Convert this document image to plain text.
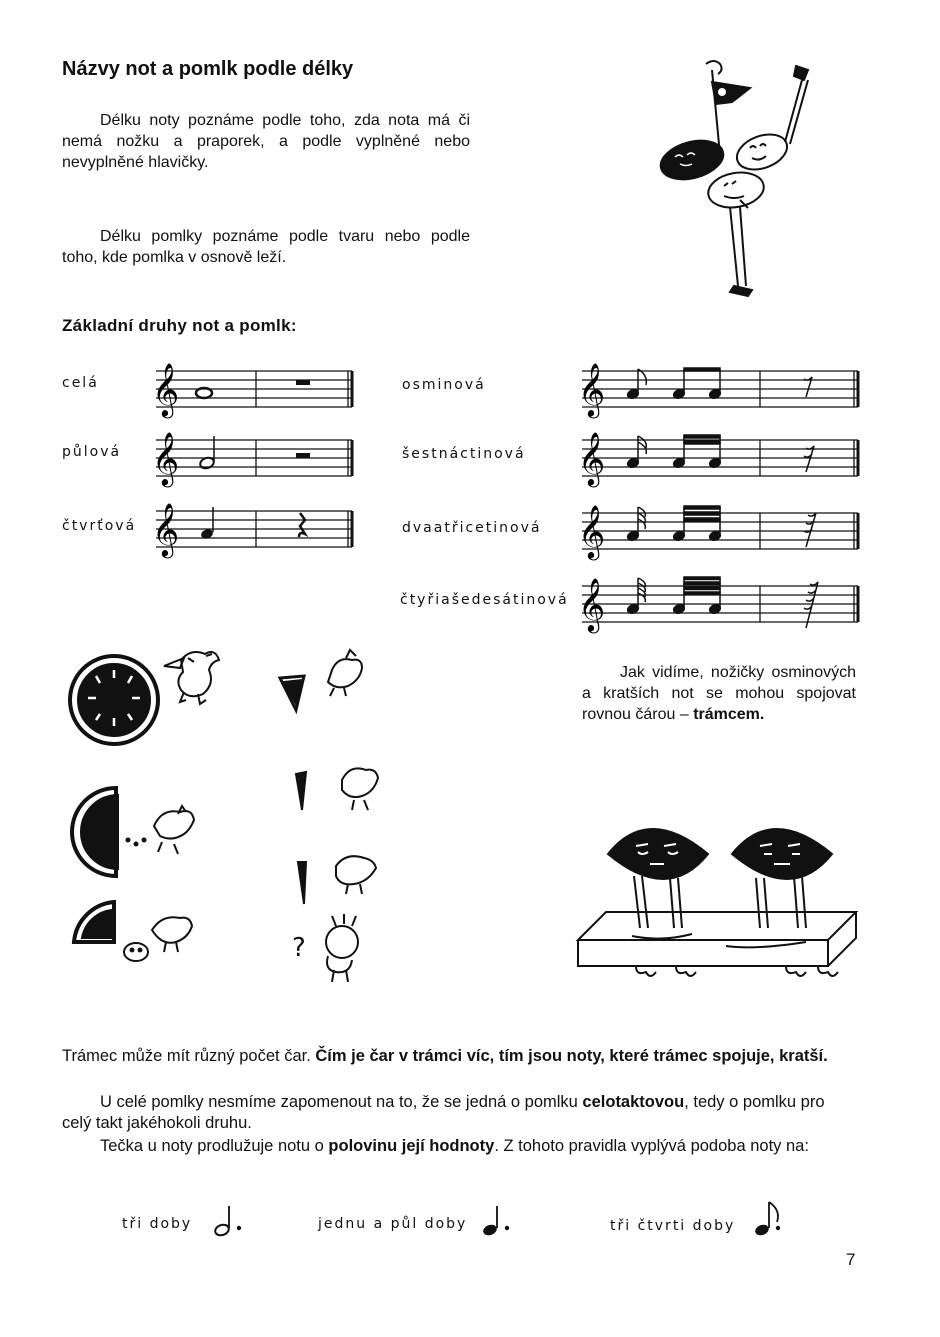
Názvy not a pomlk podle délky
Délku noty poznáme podle toho, zda nota má či nemá nožku a praporek, a podle vyplněné nebo nevyplněné hlavičky.
Délku pomlky poznáme podle tvaru nebo podle toho, kde pomlka v osnově leží.
Základní druhy not a pomlk:
celá
půlová
čtvrťová
osminová
šestnáctinová
dvaatřicetinová
čtyřiašedesátinová
𝄞
𝄞
𝄞
𝄞
𝄞
𝄞
𝄞
?
Jak vidíme, nožičky osminových a kratších not se mohou spojovat rovnou čárou – trámcem.
Trámec může mít různý počet čar. Čím je čar v trámci víc, tím jsou noty, které trámec spojuje, kratší.
U celé pomlky nesmíme zapomenout na to, že se jedná o pomlku celotaktovou, tedy o pomlku pro celý takt jakéhokoli druhu.
Tečka u noty prodlužuje notu o polovinu její hodnoty. Z tohoto pravidla vyplývá podoba noty na:
tři doby	jednu a půl doby	tři čtvrti doby
7
